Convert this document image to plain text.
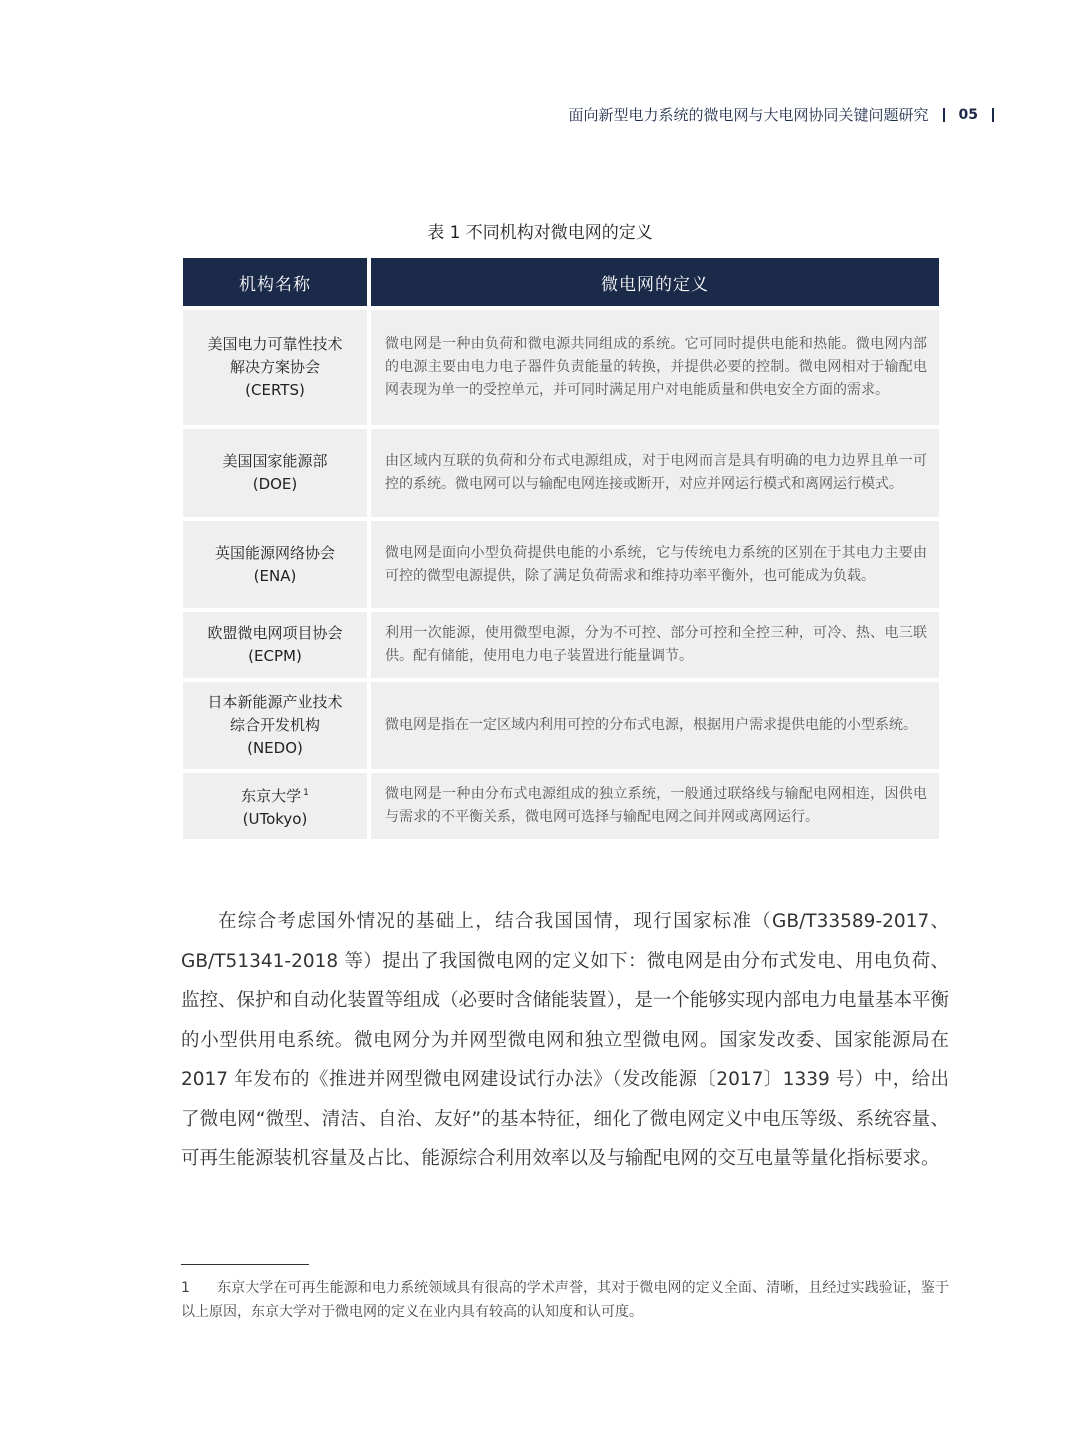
面向新型电力系统的微电网与大电网协同关键问题研究 05
表 1 不同机构对微电网的定义
机构名称	微电网的定义

美国电力可靠性技术解决方案协会
(CERTS)	微电网是一种由负荷和微电源共同组成的系统。它可同时提供电能和热能。微电网内部的电源主要由电力电子器件负责能量的转换，并提供必要的控制。微电网相对于输配电网表现为单一的受控单元，并可同时满足用户对电能质量和供电安全方面的需求。

美国国家能源部
(DOE)	由区域内互联的负荷和分布式电源组成，对于电网而言是具有明确的电力边界且单一可控的系统。微电网可以与输配电网连接或断开，对应并网运行模式和离网运行模式。

英国能源网络协会
(ENA)	微电网是面向小型负荷提供电能的小系统，它与传统电力系统的区别在于其电力主要由可控的微型电源提供，除了满足负荷需求和维持功率平衡外，也可能成为负载。

欧盟微电网项目协会
(ECPM)	利用一次能源，使用微型电源，分为不可控、部分可控和全控三种，可冷、热、电三联供。配有储能，使用电力电子装置进行能量调节。

日本新能源产业技术综合开发机构
(NEDO)	微电网是指在一定区域内利用可控的分布式电源，根据用户需求提供电能的小型系统。

东京大学 $^1$
(UTokyo)	微电网是一种由分布式电源组成的独立系统，一般通过联络线与输配电网相连，因供电与需求的不平衡关系，微电网可选择与输配电网之间并网或离网运行。

在综合考虑国外情况的基础上，结合我国国情，现行国家标准（GB/T33589-2017、GB/T51341-2018 等）提出了我国微电网的定义如下：微电网是由分布式发电、用电负荷、监控、保护和自动化装置等组成（必要时含储能装置），是一个能够实现内部电力电量基本平衡的小型供用电系统。微电网分为并网型微电网和独立型微电网。国家发改委、国家能源局在 2017 年发布的《推进并网型微电网建设试行办法》（发改能源〔2017〕1339 号）中，给出了微电网“微型、清洁、自治、友好”的基本特征，细化了微电网定义中电压等级、系统容量、可再生能源装机容量及占比、能源综合利用效率以及与输配电网的交互电量等量化指标要求。

1 东京大学在可再生能源和电力系统领域具有很高的学术声誉，其对于微电网的定义全面、清晰，且经过实践验证，鉴于以上原因，东京大学对于微电网的定义在业内具有较高的认知度和认可度。
